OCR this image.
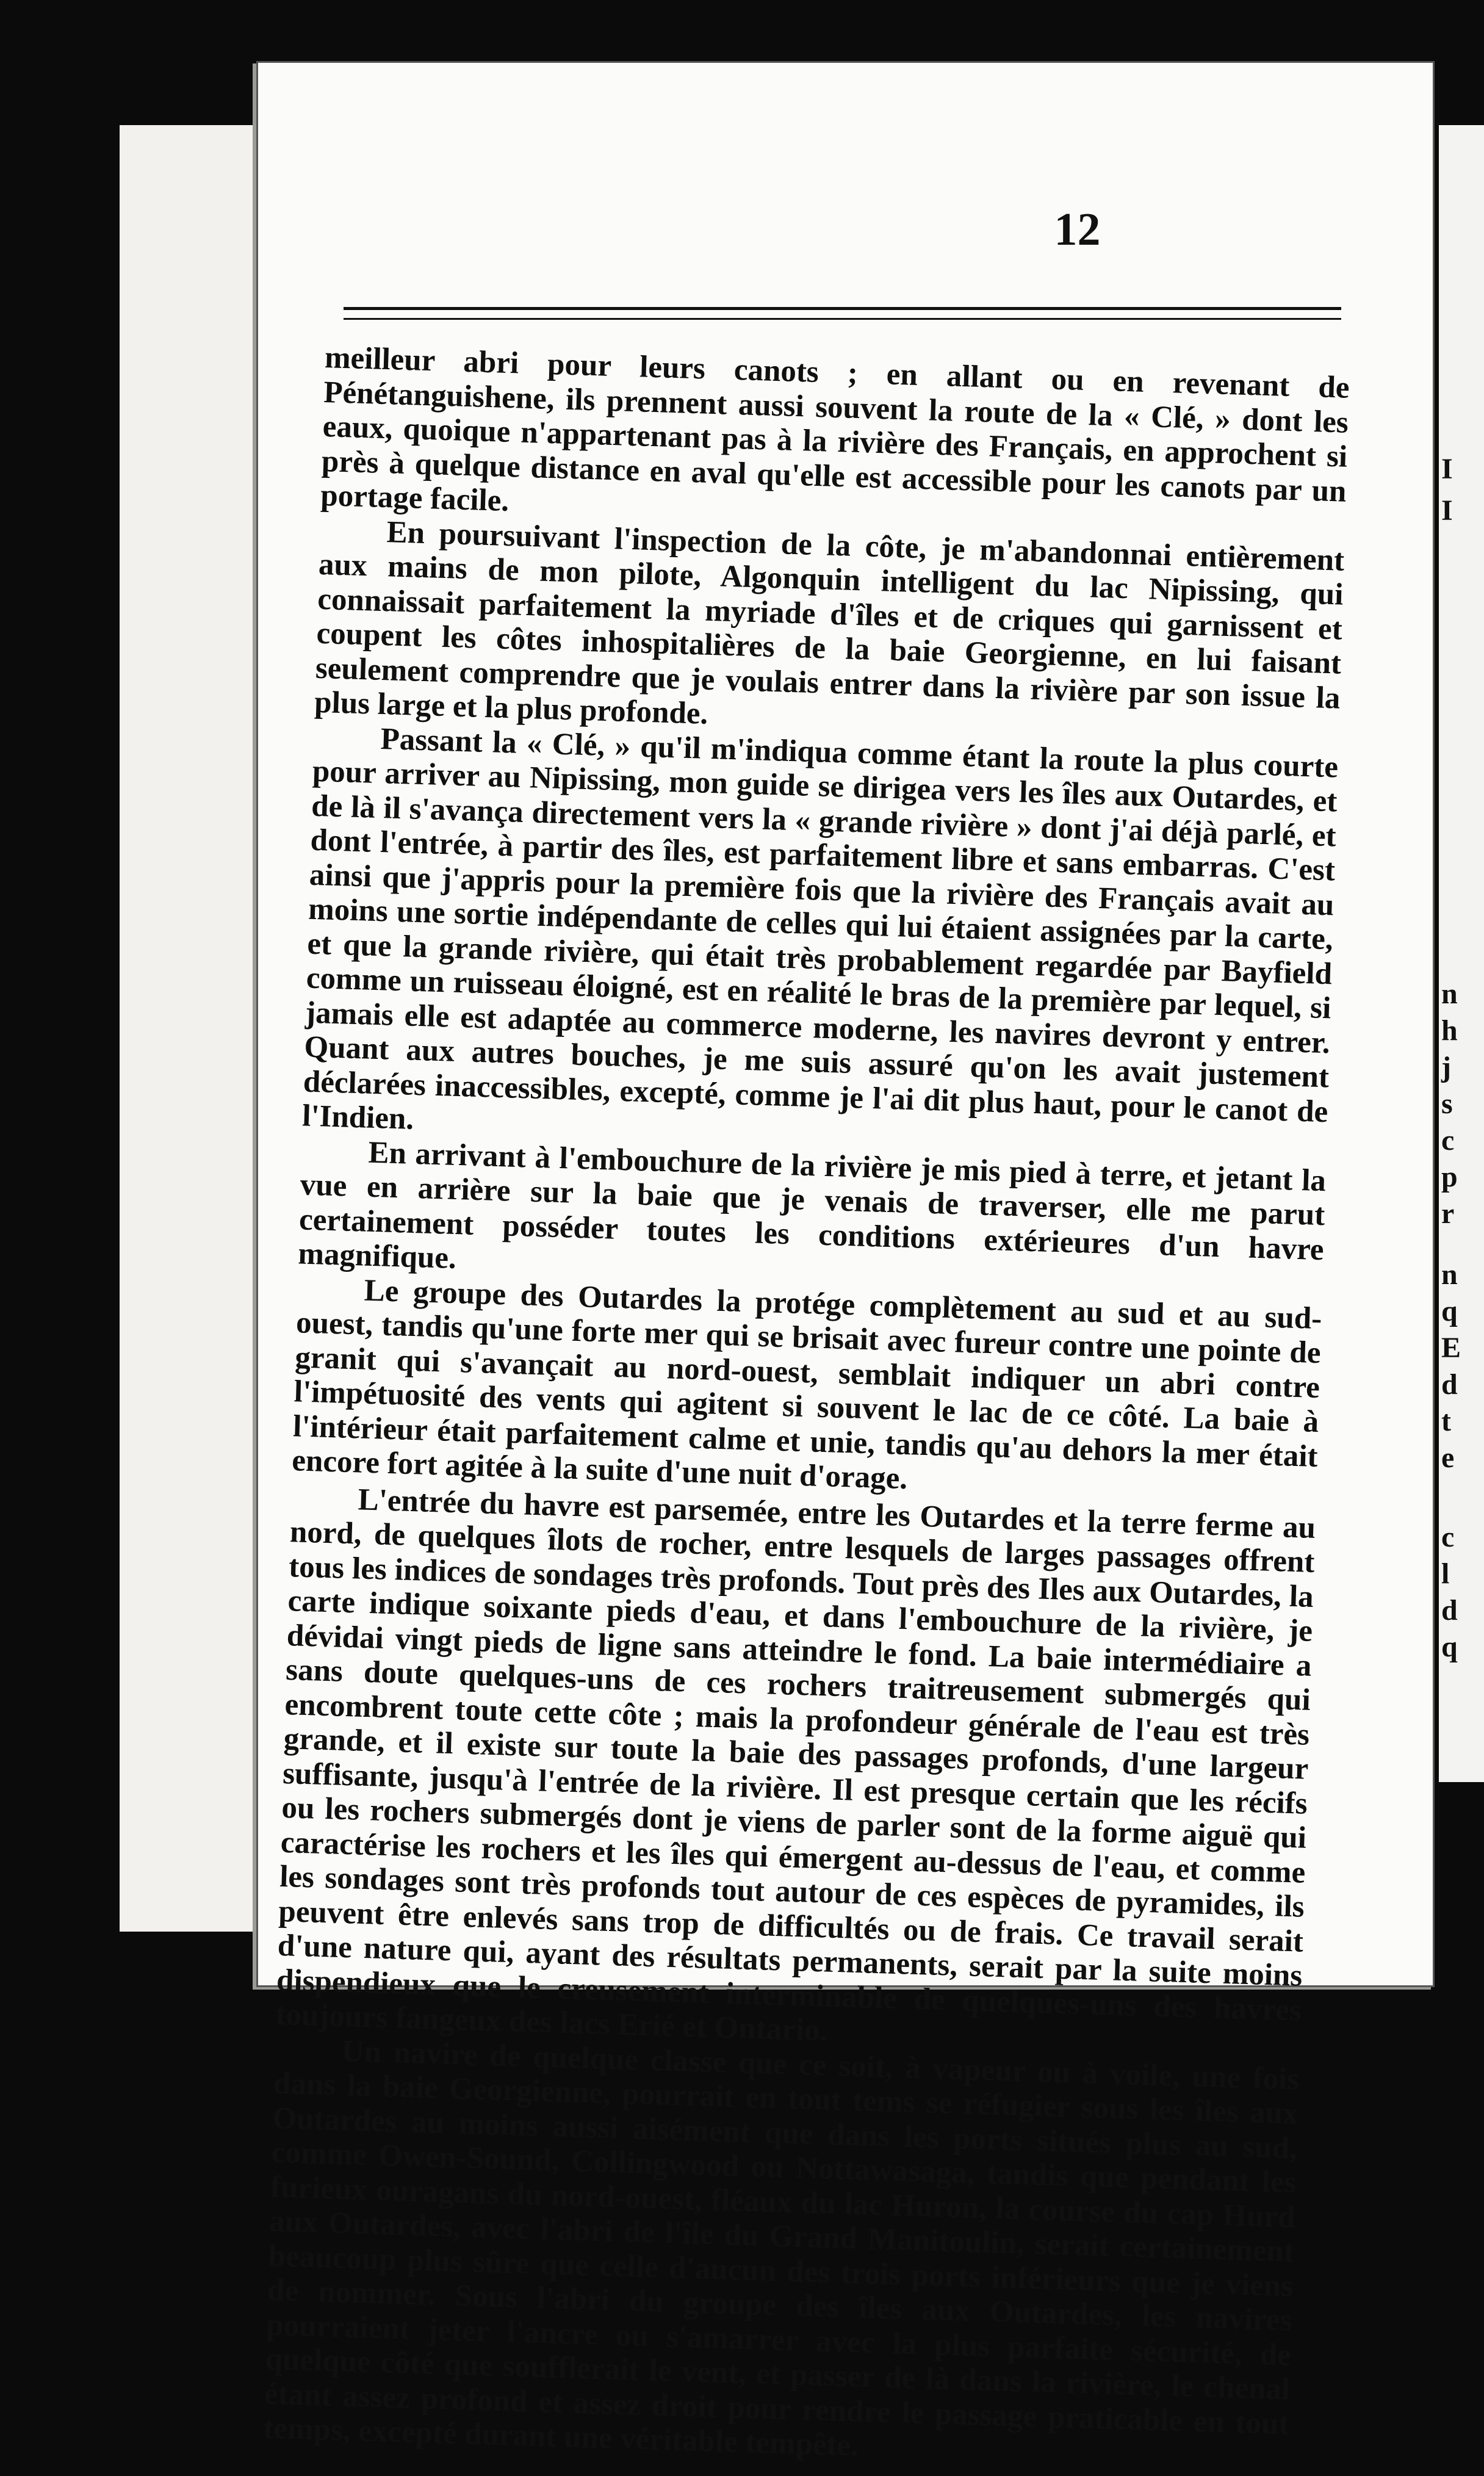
I
I
n
h
j
s
c
p
r
n
q
E
d
t
e
c
l
d
q
12

meilleur abri pour leurs canots ; en allant ou en revenant de Pénétanguishene, ils prennent aussi souvent la route de la « Clé, » dont les eaux, quoique n'appartenant pas à la rivière des Français, en approchent si près à quelque distance en aval qu'elle est accessible pour les canots par un portage facile.

En poursuivant l'inspection de la côte, je m'abandonnai entièrement aux mains de mon pilote, Algonquin intelligent du lac Nipissing, qui connaissait parfaitement la myriade d'îles et de criques qui garnissent et coupent les côtes inhospitalières de la baie Georgienne, en lui faisant seulement comprendre que je voulais entrer dans la rivière par son issue la plus large et la plus profonde.

Passant la « Clé, » qu'il m'indiqua comme étant la route la plus courte pour arriver au Nipissing, mon guide se dirigea vers les îles aux Outardes, et de là il s'avança directement vers la « grande rivière » dont j'ai déjà parlé, et dont l'entrée, à partir des îles, est parfaitement libre et sans embarras. C'est ainsi que j'appris pour la première fois que la rivière des Français avait au moins une sortie indépendante de celles qui lui étaient assignées par la carte, et que la grande rivière, qui était très probablement regardée par Bayfield comme un ruisseau éloigné, est en réalité le bras de la première par lequel, si jamais elle est adaptée au commerce moderne, les navires devront y entrer. Quant aux autres bouches, je me suis assuré qu'on les avait justement déclarées inaccessibles, excepté, comme je l'ai dit plus haut, pour le canot de l'Indien.

En arrivant à l'embouchure de la rivière je mis pied à terre, et jetant la vue en arrière sur la baie que je venais de traverser, elle me parut certainement posséder toutes les conditions extérieures d'un havre magnifique.

Le groupe des Outardes la protége complètement au sud et au sud-ouest, tandis qu'une forte mer qui se brisait avec fureur contre une pointe de granit qui s'avançait au nord-ouest, semblait indiquer un abri contre l'impétuosité des vents qui agitent si souvent le lac de ce côté. La baie à l'intérieur était parfaitement calme et unie, tandis qu'au dehors la mer était encore fort agitée à la suite d'une nuit d'orage.

L'entrée du havre est parsemée, entre les Outardes et la terre ferme au nord, de quelques îlots de rocher, entre lesquels de larges passages offrent tous les indices de sondages très profonds. Tout près des Iles aux Outardes, la carte indique soixante pieds d'eau, et dans l'embouchure de la rivière, je dévidai vingt pieds de ligne sans atteindre le fond. La baie intermédiaire a sans doute quelques-uns de ces rochers traitreusement submergés qui encombrent toute cette côte ; mais la profondeur générale de l'eau est très grande, et il existe sur toute la baie des passages profonds, d'une largeur suffisante, jusqu'à l'entrée de la rivière. Il est presque certain que les récifs ou les rochers submergés dont je viens de parler sont de la forme aiguë qui caractérise les rochers et les îles qui émergent au-dessus de l'eau, et comme les sondages sont très profonds tout autour de ces espèces de pyramides, ils peuvent être enlevés sans trop de difficultés ou de frais. Ce travail serait d'une nature qui, ayant des résultats permanents, serait par la suite moins dispendieux que le creusement interminable de quelques-uns des havres toujours fangeux des lacs Erié et Ontario.

Un navire de quelque classe que ce soit, à vapeur ou à voile, une fois dans la baie Georgienne, pourrait en tout tems se réfugier sous les îles aux Outardes au moins aussi aisément que dans les ports situés plus au sud, comme Owen-Sound, Collingwood ou Nottawasaga, tandis que pendant les furieux ouragans du nord-ouest, fléaux du lac Huron, la course du cap Hurd aux Outardes, avec l'abri de l'île du Grand Manitoulin, serait certainement beaucoup plus sûre que celle d'aucun des trois ports inférieurs que je viens de nommer. Sous l'abri du groupe des îles aux Outardes, les navires pourraient jeter l'ancre ou s'amarrer avec la plus parfaite sécurité, de quelque côté que soufflerait le vent, et passer de là dans la rivière, le chenal étant assez profond et assez droit pour rendre le passage praticable en tout temps, excepté durant une véritable tempête.
